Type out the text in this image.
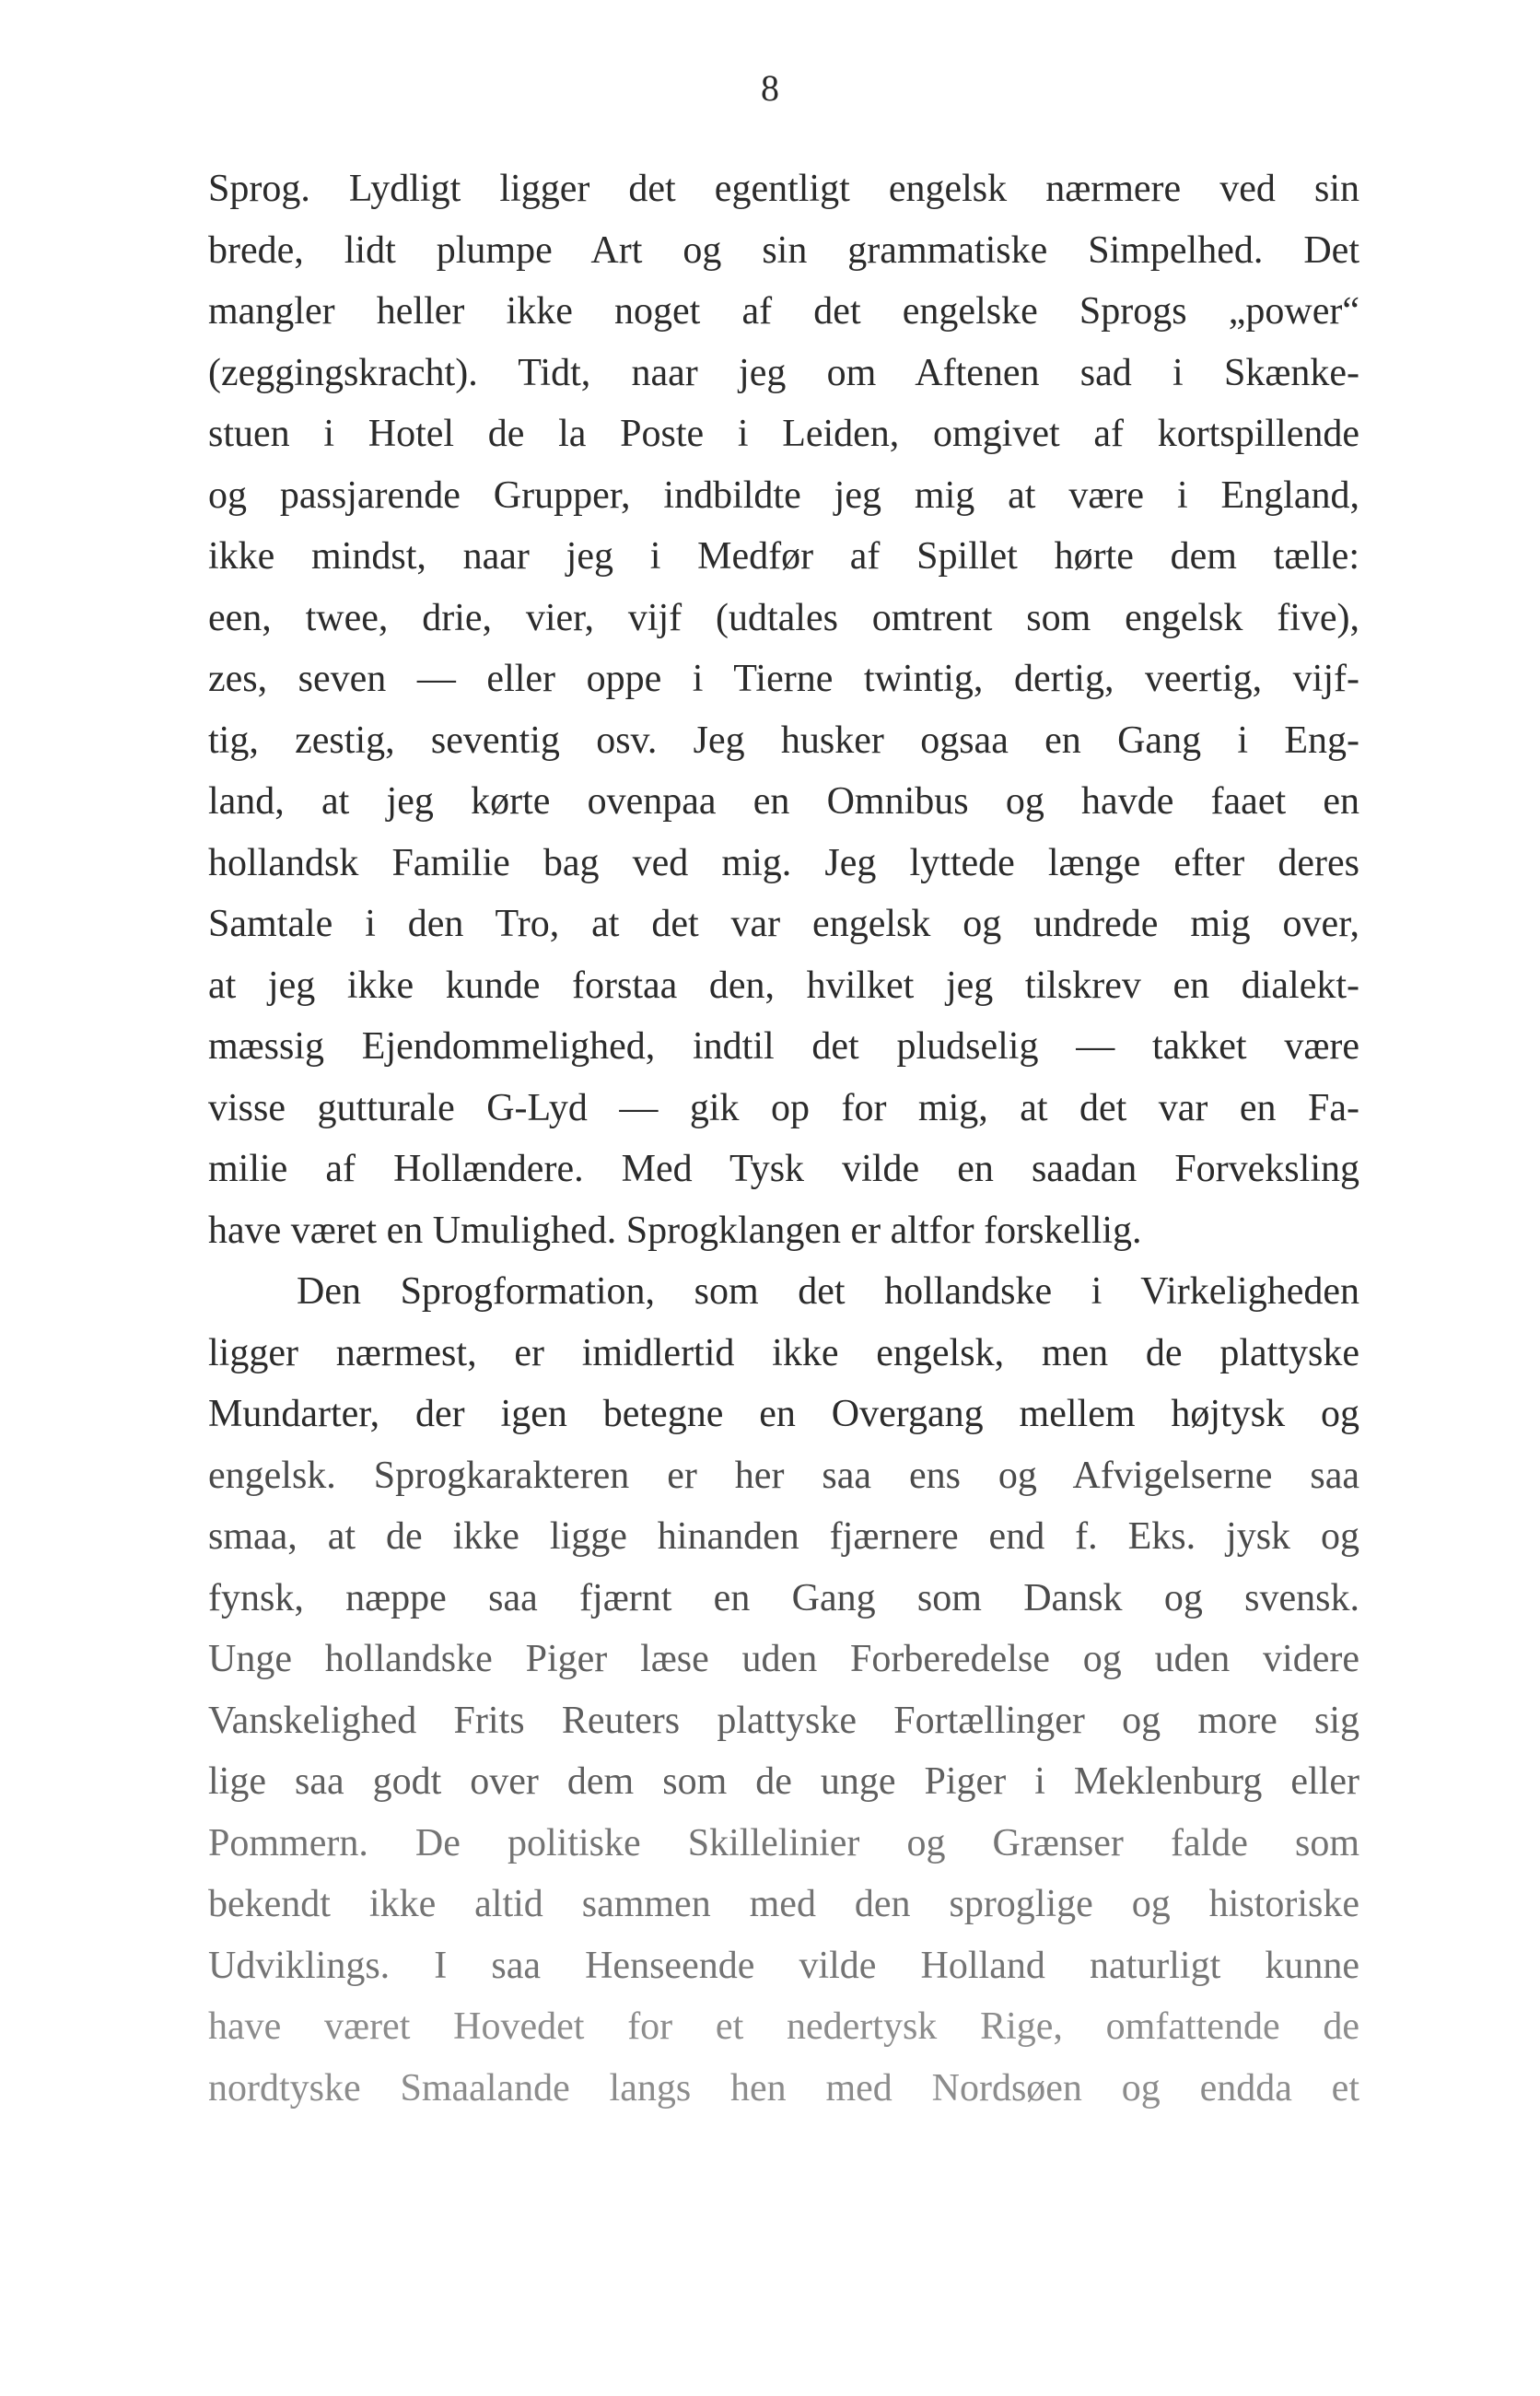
8
Sprog. Lydligt ligger det egentligt engelsk nærmere ved sin
brede, lidt plumpe Art og sin grammatiske Simpelhed. Det
mangler heller ikke noget af det engelske Sprogs „power“
(zeggingskracht). Tidt, naar jeg om Aftenen sad i Skænke-
stuen i Hotel de la Poste i Leiden, omgivet af kortspillende
og passjarende Grupper, indbildte jeg mig at være i England,
ikke mindst, naar jeg i Medfør af Spillet hørte dem tælle:
een, twee, drie, vier, vijf (udtales omtrent som engelsk five),
zes, seven — eller oppe i Tierne twintig, dertig, veertig, vijf-
tig, zestig, seventig osv. Jeg husker ogsaa en Gang i Eng-
land, at jeg kørte ovenpaa en Omnibus og havde faaet en
hollandsk Familie bag ved mig. Jeg lyttede længe efter deres
Samtale i den Tro, at det var engelsk og undrede mig over,
at jeg ikke kunde forstaa den, hvilket jeg tilskrev en dialekt-
mæssig Ejendommelighed, indtil det pludselig — takket være
visse gutturale G-Lyd — gik op for mig, at det var en Fa-
milie af Hollændere. Med Tysk vilde en saadan Forveksling
have været en Umulighed. Sprogklangen er altfor forskellig.
Den Sprogformation, som det hollandske i Virkeligheden
ligger nærmest, er imidlertid ikke engelsk, men de plattyske
Mundarter, der igen betegne en Overgang mellem højtysk og
engelsk. Sprogkarakteren er her saa ens og Afvigelserne saa
smaa, at de ikke ligge hinanden fjærnere end f. Eks. jysk og
fynsk, næppe saa fjærnt en Gang som Dansk og svensk.
Unge hollandske Piger læse uden Forberedelse og uden videre
Vanskelighed Frits Reuters plattyske Fortællinger og more sig
lige saa godt over dem som de unge Piger i Meklenburg eller
Pommern. De politiske Skillelinier og Grænser falde som
bekendt ikke altid sammen med den sproglige og historiske
Udviklings. I saa Henseende vilde Holland naturligt kunne
have været Hovedet for et nedertysk Rige, omfattende de
nordtyske Smaalande langs hen med Nordsøen og endda et
